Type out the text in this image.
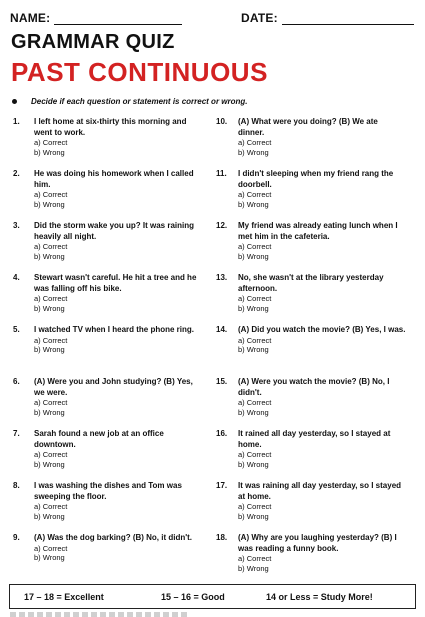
NAME:	DATE:
GRAMMAR QUIZ
PAST CONTINUOUS
Decide if each question or statement is correct or wrong.
1.	I left home at six-thirty this morning and went to work.
a) Correct
b) Wrong
2.	He was doing his homework when I called him.
a) Correct
b) Wrong
3.	Did the storm wake you up? It was raining heavily all night.
a) Correct
b) Wrong
4.	Stewart wasn't careful. He hit a tree and he was falling off his bike.
a) Correct
b) Wrong
5.	I watched TV when I heard the phone ring.
a) Correct
b) Wrong
6.	(A) Were you and John studying? (B) Yes, we were.
a) Correct
b) Wrong
7.	Sarah found a new job at an office downtown.
a) Correct
b) Wrong
8.	I was washing the dishes and Tom was sweeping the floor.
a) Correct
b) Wrong
9.	(A) Was the dog barking? (B) No, it didn't.
a) Correct
b) Wrong
10.	(A) What were you doing? (B) We ate dinner.
a) Correct
b) Wrong
11.	I didn't sleeping when my friend rang the doorbell.
a) Correct
b) Wrong
12.	My friend was already eating lunch when I met him in the cafeteria.
a) Correct
b) Wrong
13.	No, she wasn't at the library yesterday afternoon.
a) Correct
b) Wrong
14.	(A) Did you watch the movie? (B) Yes, I was.
a) Correct
b) Wrong
15.	(A) Were you watch the movie? (B) No, I didn't.
a) Correct
b) Wrong
16.	It rained all day yesterday, so I stayed at home.
a) Correct
b) Wrong
17.	It was raining all day yesterday, so I stayed at home.
a) Correct
b) Wrong
18.	(A) Why are you laughing yesterday? (B) I was reading a funny book.
a) Correct
b) Wrong
17 – 18 = Excellent	15 – 16 = Good	14 or Less = Study More!
